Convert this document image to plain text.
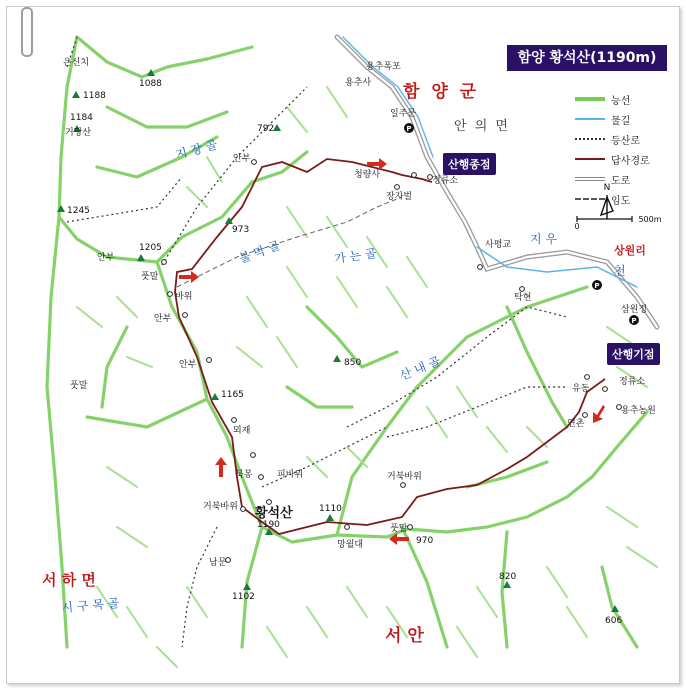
P
P
P
N
0
500m
함 양 군
안 의 면
서 하 면
서 안
지 장 골
불 막 골	가 는 골
산 내 골
시 구 목 골
지 우
천
1188
1088
1184
거망산	792
973
1245
1205
850
1165
1110
1190
1102
820
606
은신치	용추폭포
용추사
일주문
청량사
정류소
장자벌
사평교
탁현
삼원정
정류소
유동
용추농원
연촌
안부
안부
안부
안부
풋말
풋말
풋말
바위
뫼재
북봉	피바위
거북바위
거북바위
망월대	970
남문
황석산
상원리
함양 황석산(1190m)
능선
물길
등산로
답사경로
도로
임도
산행종점
산행기점
